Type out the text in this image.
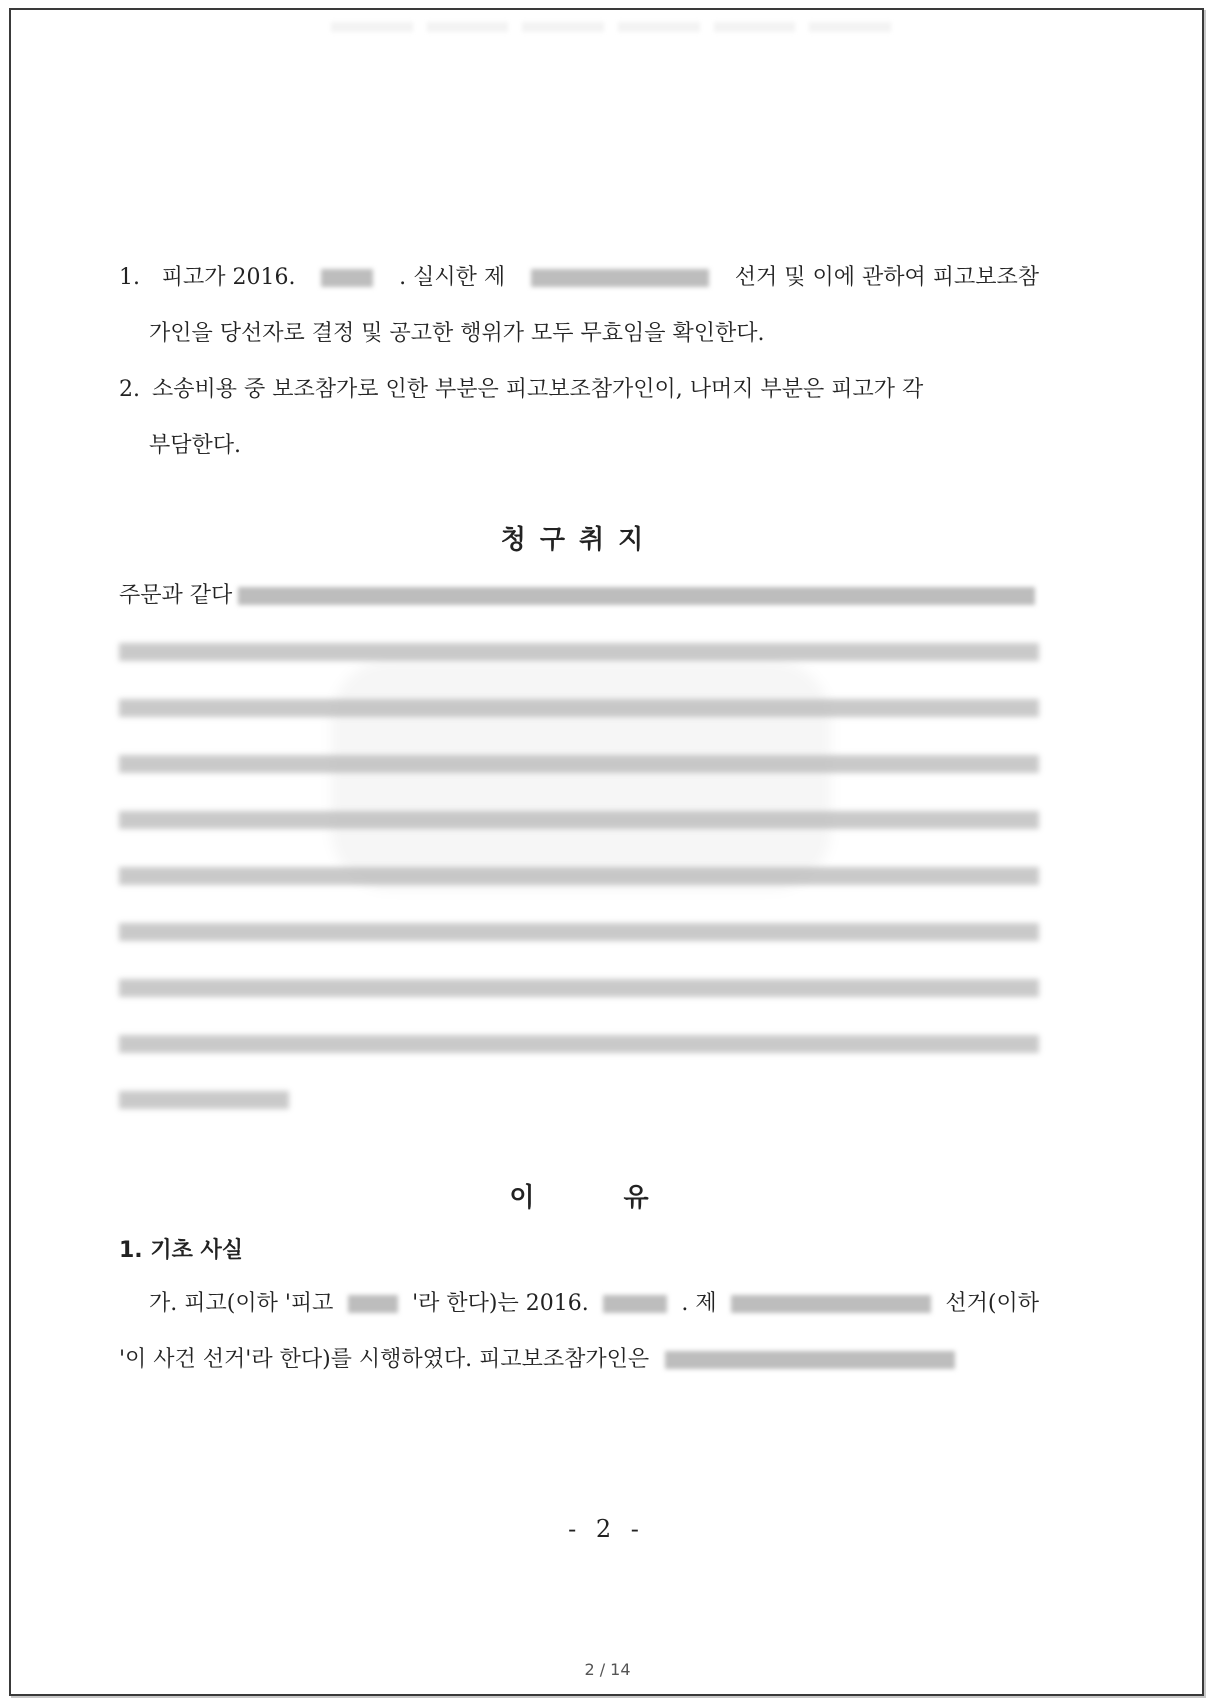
1. 피고가 2016.	. 실시한 제	선거 및 이에 관하여 피고보조참
가인을 당선자로 결정 및 공고한 행위가 모두 무효임을 확인한다.
2. 소송비용 중 보조참가로 인한 부분은 피고보조참가인이, 나머지 부분은 피고가 각
부담한다.
청구취지
주문과 같다
이 유
1. 기초 사실
가. 피고(이하 '피고	'라 한다)는 2016.	. 제	선거(이하
'이 사건 선거'라 한다)를 시행하였다. 피고보조참가인은
- 2 -
2 / 14
